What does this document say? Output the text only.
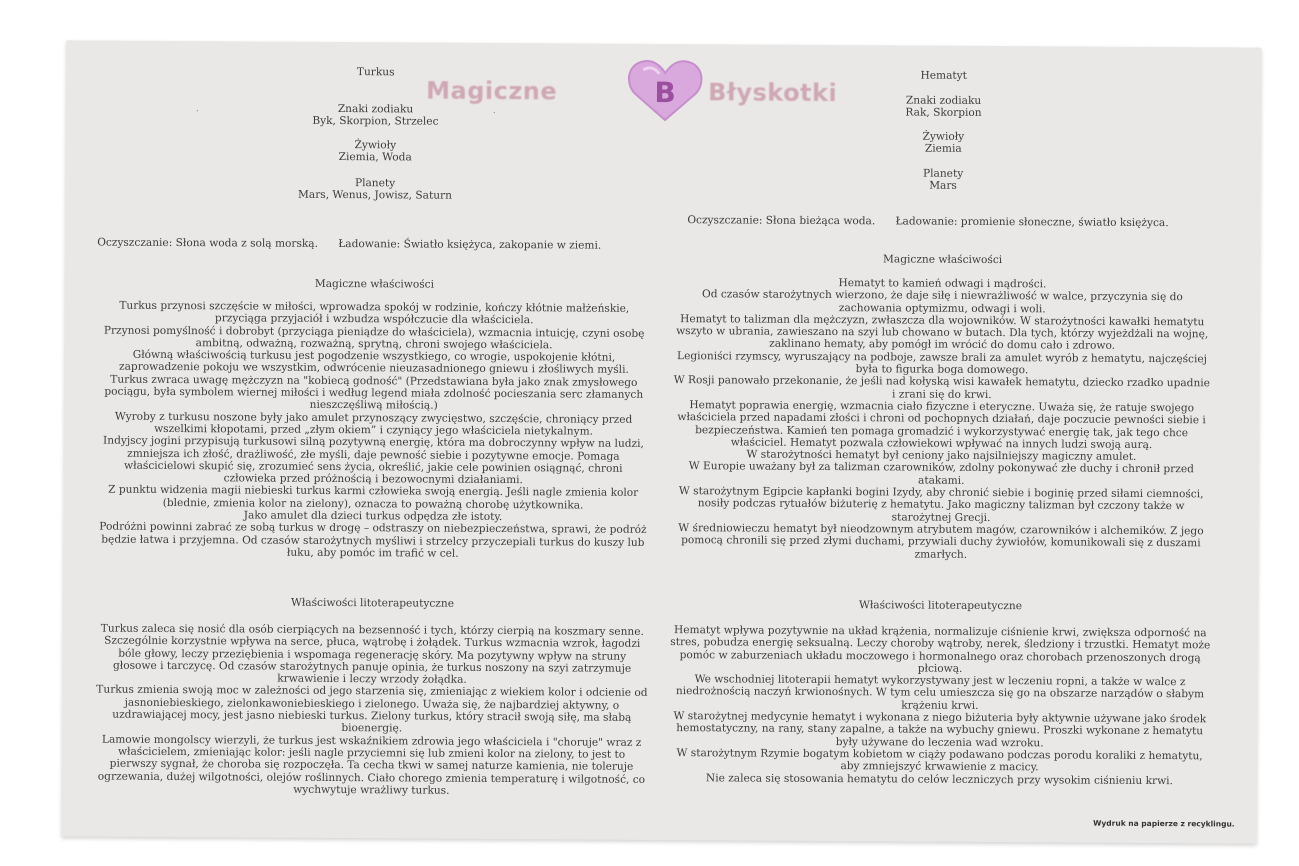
Magiczne	B Błyskotki
Turkus
.	.
Znaki zodiaku
Byk, Skorpion, Strzelec
Żywioły
Ziemia, Woda
Planety
Mars, Wenus, Jowisz, Saturn
Oczyszczanie: Słona woda z solą morską. Ładowanie: Światło księżyca, zakopanie w ziemi.
Magiczne właściwości
Turkus przynosi szczęście w miłości, wprowadza spokój w rodzinie, kończy kłótnie małżeńskie,
przyciąga przyjaciół i wzbudza współczucie dla właściciela.
Przynosi pomyślność i dobrobyt (przyciąga pieniądze do właściciela), wzmacnia intuicję, czyni osobę
ambitną, odważną, rozważną, sprytną, chroni swojego właściciela.
Główną właściwością turkusu jest pogodzenie wszystkiego, co wrogie, uspokojenie kłótni,
zaprowadzenie pokoju we wszystkim, odwrócenie nieuzasadnionego gniewu i złośliwych myśli.
Turkus zwraca uwagę mężczyzn na "kobiecą godność" (Przedstawiana była jako znak zmysłowego
pociągu, była symbolem wiernej miłości i według legend miała zdolność pocieszania serc złamanych
nieszczęśliwą miłością.)
Wyroby z turkusu noszone były jako amulet przynoszący zwycięstwo, szczęście, chroniący przed
wszelkimi kłopotami, przed „złym okiem” i czyniący jego właściciela nietykalnym.
Indyjscy jogini przypisują turkusowi silną pozytywną energię, która ma dobroczynny wpływ na ludzi,
zmniejsza ich złość, drażliwość, złe myśli, daje pewność siebie i pozytywne emocje. Pomaga
właścicielowi skupić się, zrozumieć sens życia, określić, jakie cele powinien osiągnąć, chroni
człowieka przed próżnością i bezowocnymi działaniami.
Z punktu widzenia magii niebieski turkus karmi człowieka swoją energią. Jeśli nagle zmienia kolor
(blednie, zmienia kolor na zielony), oznacza to poważną chorobę użytkownika.
Jako amulet dla dzieci turkus odpędza złe istoty.
Podróżni powinni zabrać ze sobą turkus w drogę – odstraszy on niebezpieczeństwa, sprawi, że podróż
będzie łatwa i przyjemna. Od czasów starożytnych myśliwi i strzelcy przyczepiali turkus do kuszy lub
łuku, aby pomóc im trafić w cel.
Właściwości litoterapeutyczne
Turkus zaleca się nosić dla osób cierpiących na bezsenność i tych, którzy cierpią na koszmary senne.
Szczególnie korzystnie wpływa na serce, płuca, wątrobę i żołądek. Turkus wzmacnia wzrok, łagodzi
bóle głowy, leczy przeziębienia i wspomaga regenerację skóry. Ma pozytywny wpływ na struny
głosowe i tarczycę. Od czasów starożytnych panuje opinia, że turkus noszony na szyi zatrzymuje
krwawienie i leczy wrzody żołądka.
Turkus zmienia swoją moc w zależności od jego starzenia się, zmieniając z wiekiem kolor i odcienie od
jasnoniebieskiego, zielonkawoniebieskiego i zielonego. Uważa się, że najbardziej aktywny, o
uzdrawiającej mocy, jest jasno niebieski turkus. Zielony turkus, który stracił swoją siłę, ma słabą
bioenergię.
Lamowie mongolscy wierzyli, że turkus jest wskaźnikiem zdrowia jego właściciela i "choruje" wraz z
właścicielem, zmieniając kolor: jeśli nagle przyciemni się lub zmieni kolor na zielony, to jest to
pierwszy sygnał, że choroba się rozpoczęła. Ta cecha tkwi w samej naturze kamienia, nie toleruje
ogrzewania, dużej wilgotności, olejów roślinnych. Ciało chorego zmienia temperaturę i wilgotność, co
wychwytuje wrażliwy turkus.
Hematyt
Znaki zodiaku
Rak, Skorpion
Żywioły
Ziemia
Planety
Mars
Oczyszczanie: Słona bieżąca woda. Ładowanie: promienie słoneczne, światło księżyca.
Magiczne właściwości
Hematyt to kamień odwagi i mądrości.
Od czasów starożytnych wierzono, że daje siłę i niewrażliwość w walce, przyczynia się do
zachowania optymizmu, odwagi i woli.
Hematyt to talizman dla mężczyzn, zwłaszcza dla wojowników. W starożytności kawałki hematytu
wszyto w ubrania, zawieszano na szyi lub chowano w butach. Dla tych, którzy wyjeżdżali na wojnę,
zaklinano hematy, aby pomógł im wrócić do domu cało i zdrowo.
Legioniści rzymscy, wyruszający na podboje, zawsze brali za amulet wyrób z hematytu, najczęściej
była to figurka boga domowego.
W Rosji panowało przekonanie, że jeśli nad kołyską wisi kawałek hematytu, dziecko rzadko upadnie
i zrani się do krwi.
Hematyt poprawia energię, wzmacnia ciało fizyczne i eteryczne. Uważa się, że ratuje swojego
właściciela przed napadami złości i chroni od pochopnych działań, daje poczucie pewności siebie i
bezpieczeństwa. Kamień ten pomaga gromadzić i wykorzystywać energię tak, jak tego chce
właściciel. Hematyt pozwala człowiekowi wpływać na innych ludzi swoją aurą.
W starożytności hematyt był ceniony jako najsilniejszy magiczny amulet.
W Europie uważany był za talizman czarowników, zdolny pokonywać złe duchy i chronił przed
atakami.
W starożytnym Egipcie kapłanki bogini Izydy, aby chronić siebie i boginię przed siłami ciemności,
nosiły podczas rytuałów biżuterię z hematytu. Jako magiczny talizman był czczony także w
starożytnej Grecji.
W średniowieczu hematyt był nieodzownym atrybutem magów, czarowników i alchemików. Z jego
pomocą chronili się przed złymi duchami, przywiali duchy żywiołów, komunikowali się z duszami
zmarłych.
Właściwości litoterapeutyczne
Hematyt wpływa pozytywnie na układ krążenia, normalizuje ciśnienie krwi, zwiększa odporność na
stres, pobudza energię seksualną. Leczy choroby wątroby, nerek, śledziony i trzustki. Hematyt może
pomóc w zaburzeniach układu moczowego i hormonalnego oraz chorobach przenoszonych drogą
płciową.
We wschodniej litoterapii hematyt wykorzystywany jest w leczeniu ropni, a także w walce z
niedrożnością naczyń krwionośnych. W tym celu umieszcza się go na obszarze narządów o słabym
krążeniu krwi.
W starożytnej medycynie hematyt i wykonana z niego biżuteria były aktywnie używane jako środek
hemostatyczny, na rany, stany zapalne, a także na wybuchy gniewu. Proszki wykonane z hematytu
były używane do leczenia wad wzroku.
W starożytnym Rzymie bogatym kobietom w ciąży podawano podczas porodu koraliki z hematytu,
aby zmniejszyć krwawienie z macicy.
Nie zaleca się stosowania hematytu do celów leczniczych przy wysokim ciśnieniu krwi.
Wydruk na papierze z recyklingu.
